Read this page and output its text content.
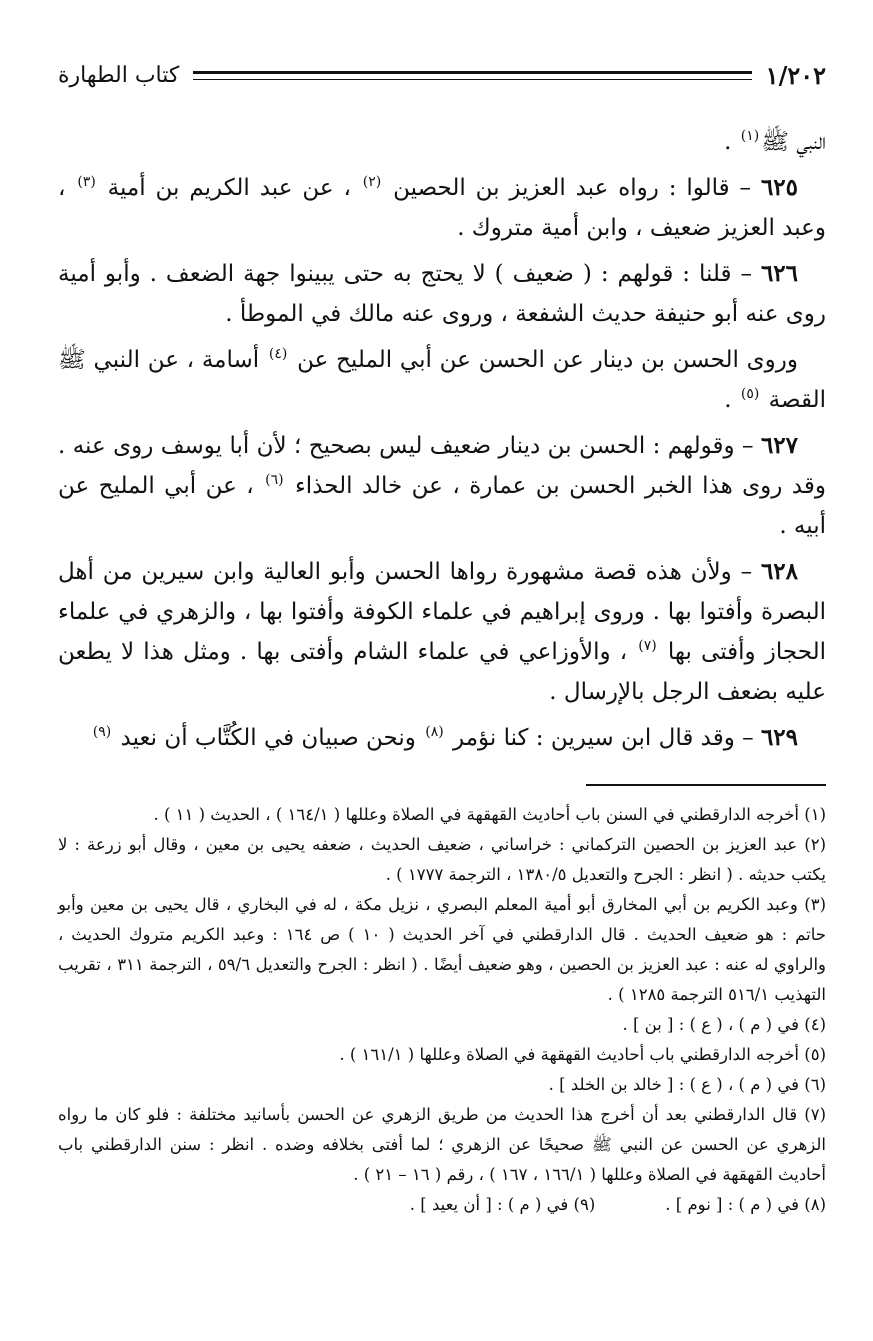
١/٢٠٢
كتاب الطهارة

النبي ﷺ$^{(١)}$ .

٦٢٥ – قالوا : رواه عبد العزيز بن الحصين $^{(٢)}$ ، عن عبد الكريم بن أمية $^{(٣)}$ ، وعبد العزيز ضعيف ، وابن أمية متروك .

٦٢٦ – قلنا : قولهم : ( ضعيف ) لا يحتج به حتى يبينوا جهة الضعف . وأبو أمية روى عنه أبو حنيفة حديث الشفعة ، وروى عنه مالك في الموطأ .

وروى الحسن بن دينار عن الحسن عن أبي المليح عن $^{(٤)}$ أسامة ، عن النبي ﷺ القصة $^{(٥)}$ .

٦٢٧ – وقولهم : الحسن بن دينار ضعيف ليس بصحيح ؛ لأن أبا يوسف روى عنه . وقد روى هذا الخبر الحسن بن عمارة ، عن خالد الحذاء $^{(٦)}$ ، عن أبي المليح عن أبيه .

٦٢٨ – ولأن هذه قصة مشهورة رواها الحسن وأبو العالية وابن سيرين من أهل البصرة وأفتوا بها . وروى إبراهيم في علماء الكوفة وأفتوا بها ، والزهري في علماء الحجاز وأفتى بها $^{(٧)}$ ، والأوزاعي في علماء الشام وأفتى بها . ومثل هذا لا يطعن عليه بضعف الرجل بالإرسال .

٦٢٩ – وقد قال ابن سيرين : كنا نؤمر $^{(٨)}$ ونحن صبيان في الكُتَّاب أن نعيد $^{(٩)}$

(١) أخرجه الدارقطني في السنن باب أحاديث القهقهة في الصلاة وعللها ( ١٦٤/١ ) ، الحديث ( ١١ ) .

(٢) عبد العزيز بن الحصين التركماني : خراساني ، ضعيف الحديث ، ضعفه يحيى بن معين ، وقال أبو زرعة : لا يكتب حديثه . ( انظر : الجرح والتعديل ١٣٨٠/٥ ، الترجمة ١٧٧٧ ) .

(٣) وعبد الكريم بن أبي المخارق أبو أمية المعلم البصري ، نزيل مكة ، له في البخاري ، قال يحيى بن معين وأبو حاتم : هو ضعيف الحديث . قال الدارقطني في آخر الحديث ( ١٠ ) ص ١٦٤ : وعبد الكريم متروك الحديث ، والراوي له عنه : عبد العزيز بن الحصين ، وهو ضعيف أيضًا . ( انظر : الجرح والتعديل ٥٩/٦ ، الترجمة ٣١١ ، تقريب التهذيب ٥١٦/١ الترجمة ١٢٨٥ ) .

(٤) في ( م ) ، ( ع ) : [ بن ] .

(٥) أخرجه الدارقطني باب أحاديث القهقهة في الصلاة وعللها ( ١٦١/١ ) .

(٦) في ( م ) ، ( ع ) : [ خالد بن الخلد ] .

(٧) قال الدارقطني بعد أن أخرج هذا الحديث من طريق الزهري عن الحسن بأسانيد مختلفة : فلو كان ما رواه الزهري عن الحسن عن النبي ﷺ صحيحًا عن الزهري ؛ لما أفتى بخلافه وضده . انظر : سنن الدارقطني باب أحاديث القهقهة في الصلاة وعللها ( ١٦٦/١ ، ١٦٧ ) ، رقم ( ١٦ – ٢١ ) .

(٨) في ( م ) : [ نوم ] .
(٩) في ( م ) : [ أن يعيد ] .
